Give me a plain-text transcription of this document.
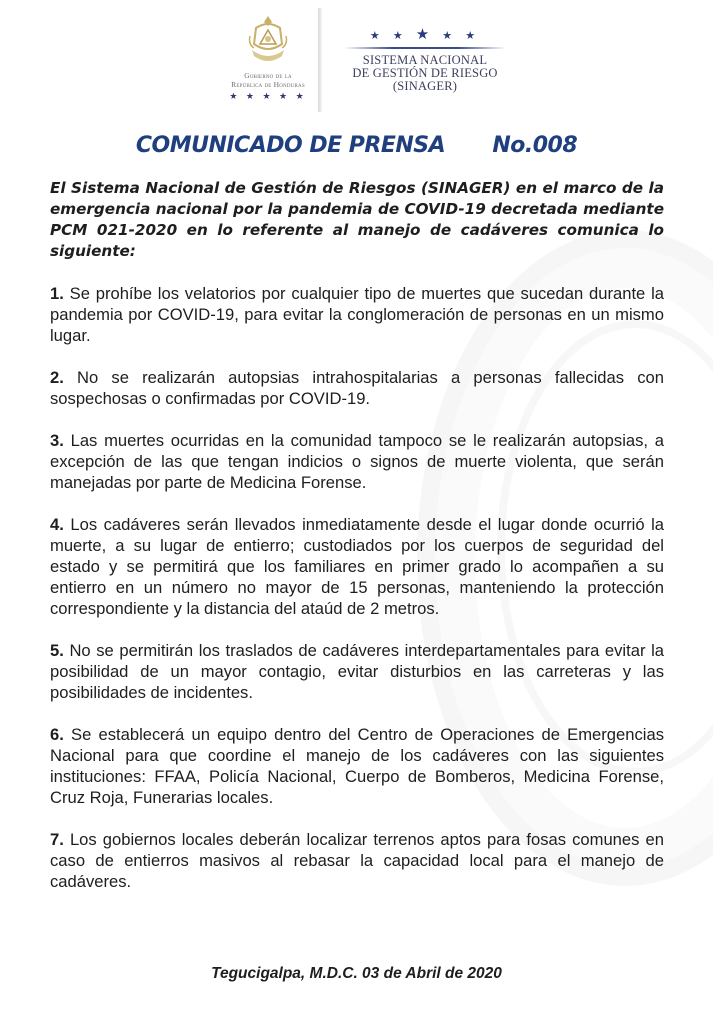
Gobierno de la
República de Honduras
★ ★ ★ ★ ★
★ ★ ★ ★ ★
SISTEMA NACIONAL
DE GESTIÓN DE RIESGO
(SINAGER)
COMUNICADO DE PRENSA No.008
El Sistema Nacional de Gestión de Riesgos (SINAGER) en el marco de la emergencia nacional por la pandemia de COVID-19 decretada mediante PCM 021-2020 en lo referente al manejo de cadáveres comunica lo siguiente:
1. Se prohíbe los velatorios por cualquier tipo de muertes que sucedan durante la pandemia por COVID-19, para evitar la conglomeración de personas en un mismo lugar.
2. No se realizarán autopsias intrahospitalarias a personas fallecidas con sospechosas o confirmadas por COVID-19.
3. Las muertes ocurridas en la comunidad tampoco se le realizarán autopsias, a excepción de las que tengan indicios o signos de muerte violenta, que serán manejadas por parte de Medicina Forense.
4. Los cadáveres serán llevados inmediatamente desde el lugar donde ocurrió la muerte, a su lugar de entierro; custodiados por los cuerpos de seguridad del estado y se permitirá que los familiares en primer grado lo acompañen a su entierro en un número no mayor de 15 personas, manteniendo la protección correspondiente y la distancia del ataúd de 2 metros.
5. No se permitirán los traslados de cadáveres interdepartamentales para evitar la posibilidad de un mayor contagio, evitar disturbios en las carreteras y las posibilidades de incidentes.
6. Se establecerá un equipo dentro del Centro de Operaciones de Emergencias Nacional para que coordine el manejo de los cadáveres con las siguientes instituciones: FFAA, Policía Nacional, Cuerpo de Bomberos, Medicina Forense, Cruz Roja, Funerarias locales.
7. Los gobiernos locales deberán localizar terrenos aptos para fosas comunes en caso de entierros masivos al rebasar la capacidad local para el manejo de cadáveres.
Tegucigalpa, M.D.C. 03 de Abril de 2020
